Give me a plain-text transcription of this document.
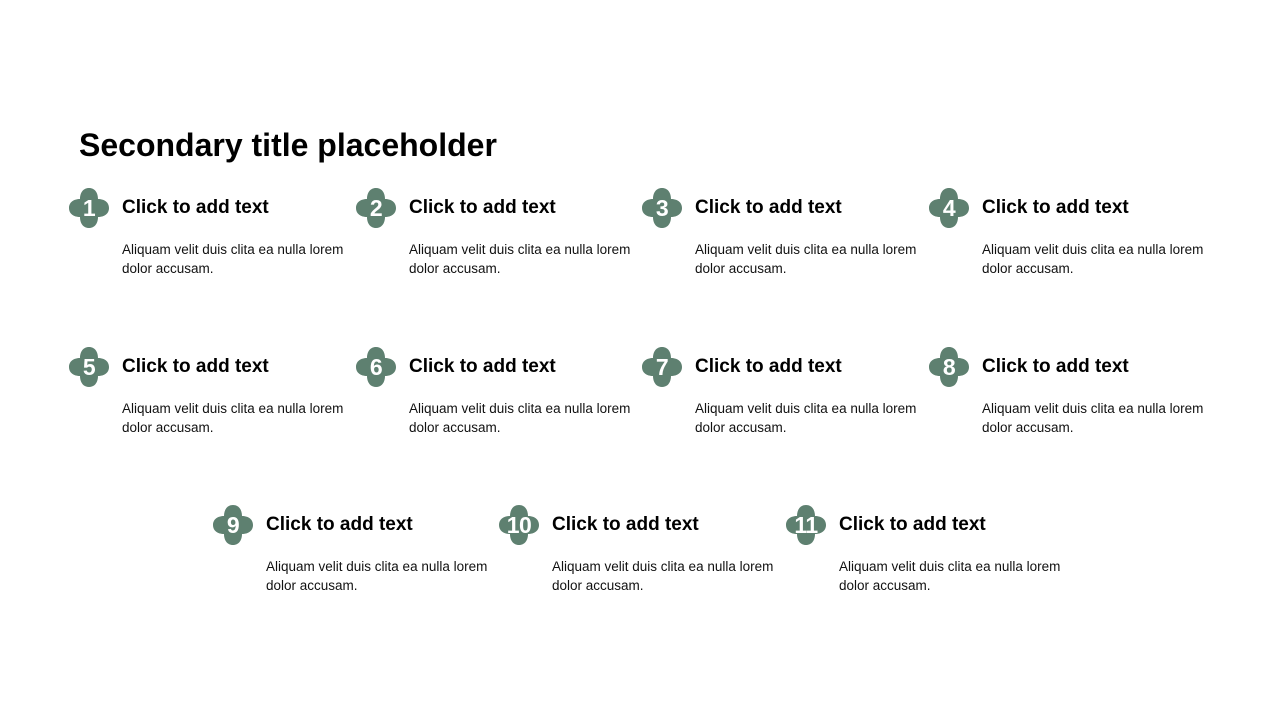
Secondary title placeholder
1	Click to add text
Aliquam velit duis clita ea nulla lorem dolor accusam.
2	Click to add text
Aliquam velit duis clita ea nulla lorem dolor accusam.
3	Click to add text
Aliquam velit duis clita ea nulla lorem dolor accusam.
4	Click to add text
Aliquam velit duis clita ea nulla lorem dolor accusam.
5	Click to add text
Aliquam velit duis clita ea nulla lorem dolor accusam.
6	Click to add text
Aliquam velit duis clita ea nulla lorem dolor accusam.
7	Click to add text
Aliquam velit duis clita ea nulla lorem dolor accusam.
8	Click to add text
Aliquam velit duis clita ea nulla lorem dolor accusam.
9	Click to add text
Aliquam velit duis clita ea nulla lorem dolor accusam.
10	Click to add text
Aliquam velit duis clita ea nulla lorem dolor accusam.
11	Click to add text
Aliquam velit duis clita ea nulla lorem dolor accusam.
